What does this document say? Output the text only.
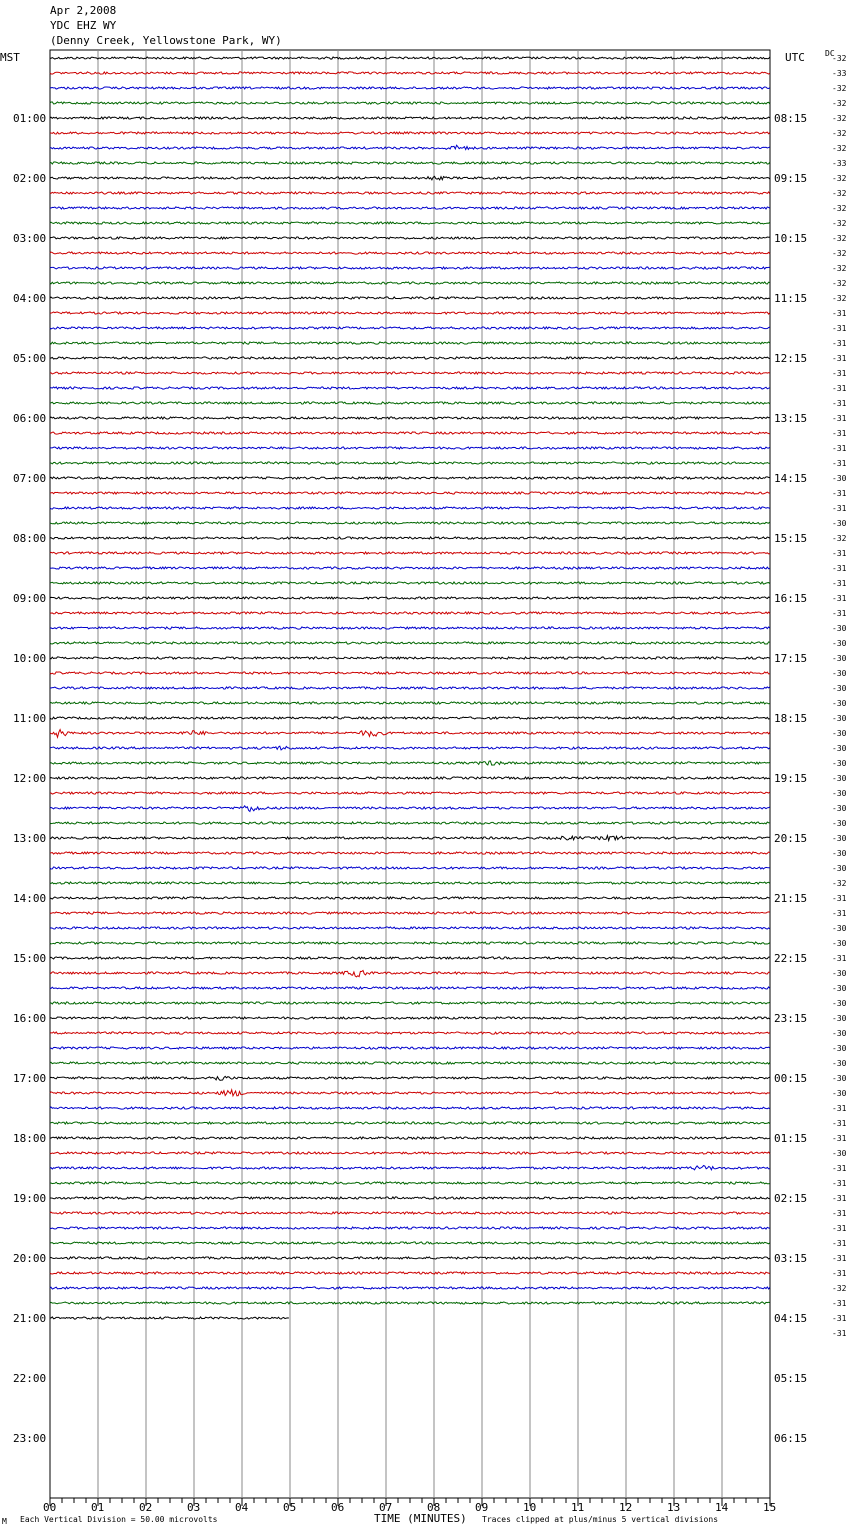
Apr 2,2008
YDC EHZ WY
(Denny Creek, Yellowstone Park, WY)
MST	UTC	DC
00	01	02	03	04	05	06	07	08	09	10	11	12	13	14	15
01:00
02:00
03:00
04:00
05:00
06:00
07:00
08:00
09:00
10:00
11:00
12:00
13:00
14:00
15:00
16:00
17:00
18:00
19:00
20:00
21:00
22:00
23:00
08:15
09:15
10:15
11:15
12:15
13:15
14:15
15:15
16:15
17:15
18:15
19:15
20:15
21:15
22:15
23:15
00:15
01:15
02:15
03:15
04:15
05:15
06:15
-32
-33
-32
-32
-32
-32
-32
-33
-32
-32
-32
-32
-32
-32
-32
-32
-32
-31
-31
-31
-31
-31
-31
-31
-31
-31
-31
-31
-30
-31
-31
-30
-32
-31
-31
-31
-31
-31
-30
-30
-30
-30
-30
-30
-30
-30
-30
-30
-30
-30
-30
-30
-30
-30
-30
-32
-31
-31
-30
-30
-31
-30
-30
-30
-30
-30
-30
-30
-30
-30
-31
-31
-31
-30
-31
-31
-31
-31
-31
-31
-31
-31
-32
-31
-31
-31
M Each Vertical Division = 50.00 microvolts	TIME (MINUTES) Traces clipped at plus/minus 5 vertical divisions
